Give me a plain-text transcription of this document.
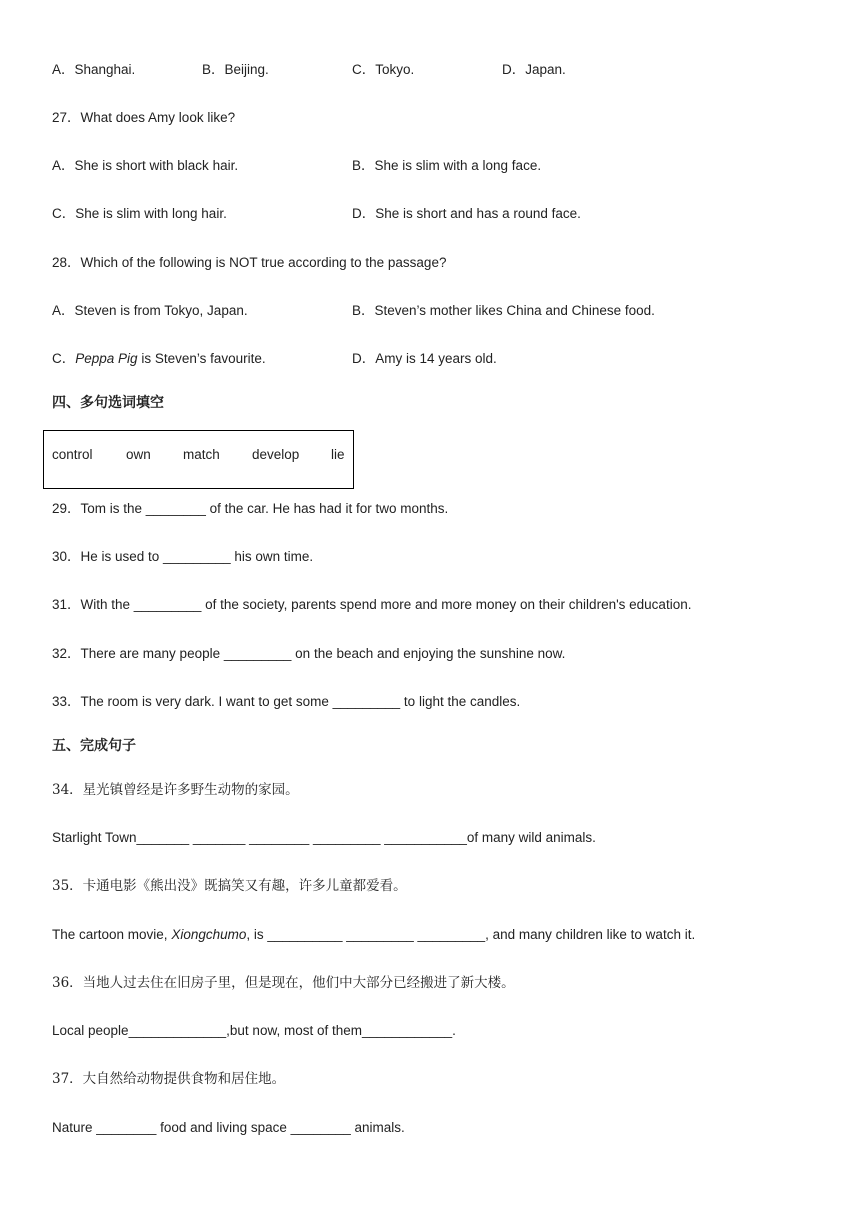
A．Shanghai.	B．Beijing.	C．Tokyo.	D．Japan.
27．What does Amy look like?
A．She is short with black hair.	B．She is slim with a long face.
C．She is slim with long hair.	D．She is short and has a round face.
28．Which of the following is NOT true according to the passage?
A．Steven is from Tokyo, Japan.	B．Steven’s mother likes China and Chinese food.
C．Peppa Pig is Steven’s favourite.	D．Amy is 14 years old.
四、多句选词填空
control own match develop lie
29．Tom is the ________ of the car. He has had it for two months.
30．He is used to _________ his own time.
31．With the _________ of the society, parents spend more and more money on their children's education.
32．There are many people _________ on the beach and enjoying the sunshine now.
33．The room is very dark. I want to get some _________ to light the candles.
五、完成句子
34．星光镇曾经是许多野生动物的家园。
Starlight Town_______ _______ ________ _________ ___________of many wild animals.
35．卡通电影《熊出没》既搞笑又有趣，许多儿童都爱看。
The cartoon movie, Xiongchumo, is __________ _________ _________, and many children like to watch it.
36．当地人过去住在旧房子里，但是现在，他们中大部分已经搬进了新大楼。
Local people_____________,but now, most of them____________.
37．大自然给动物提供食物和居住地。
Nature ________ food and living space ________ animals.
